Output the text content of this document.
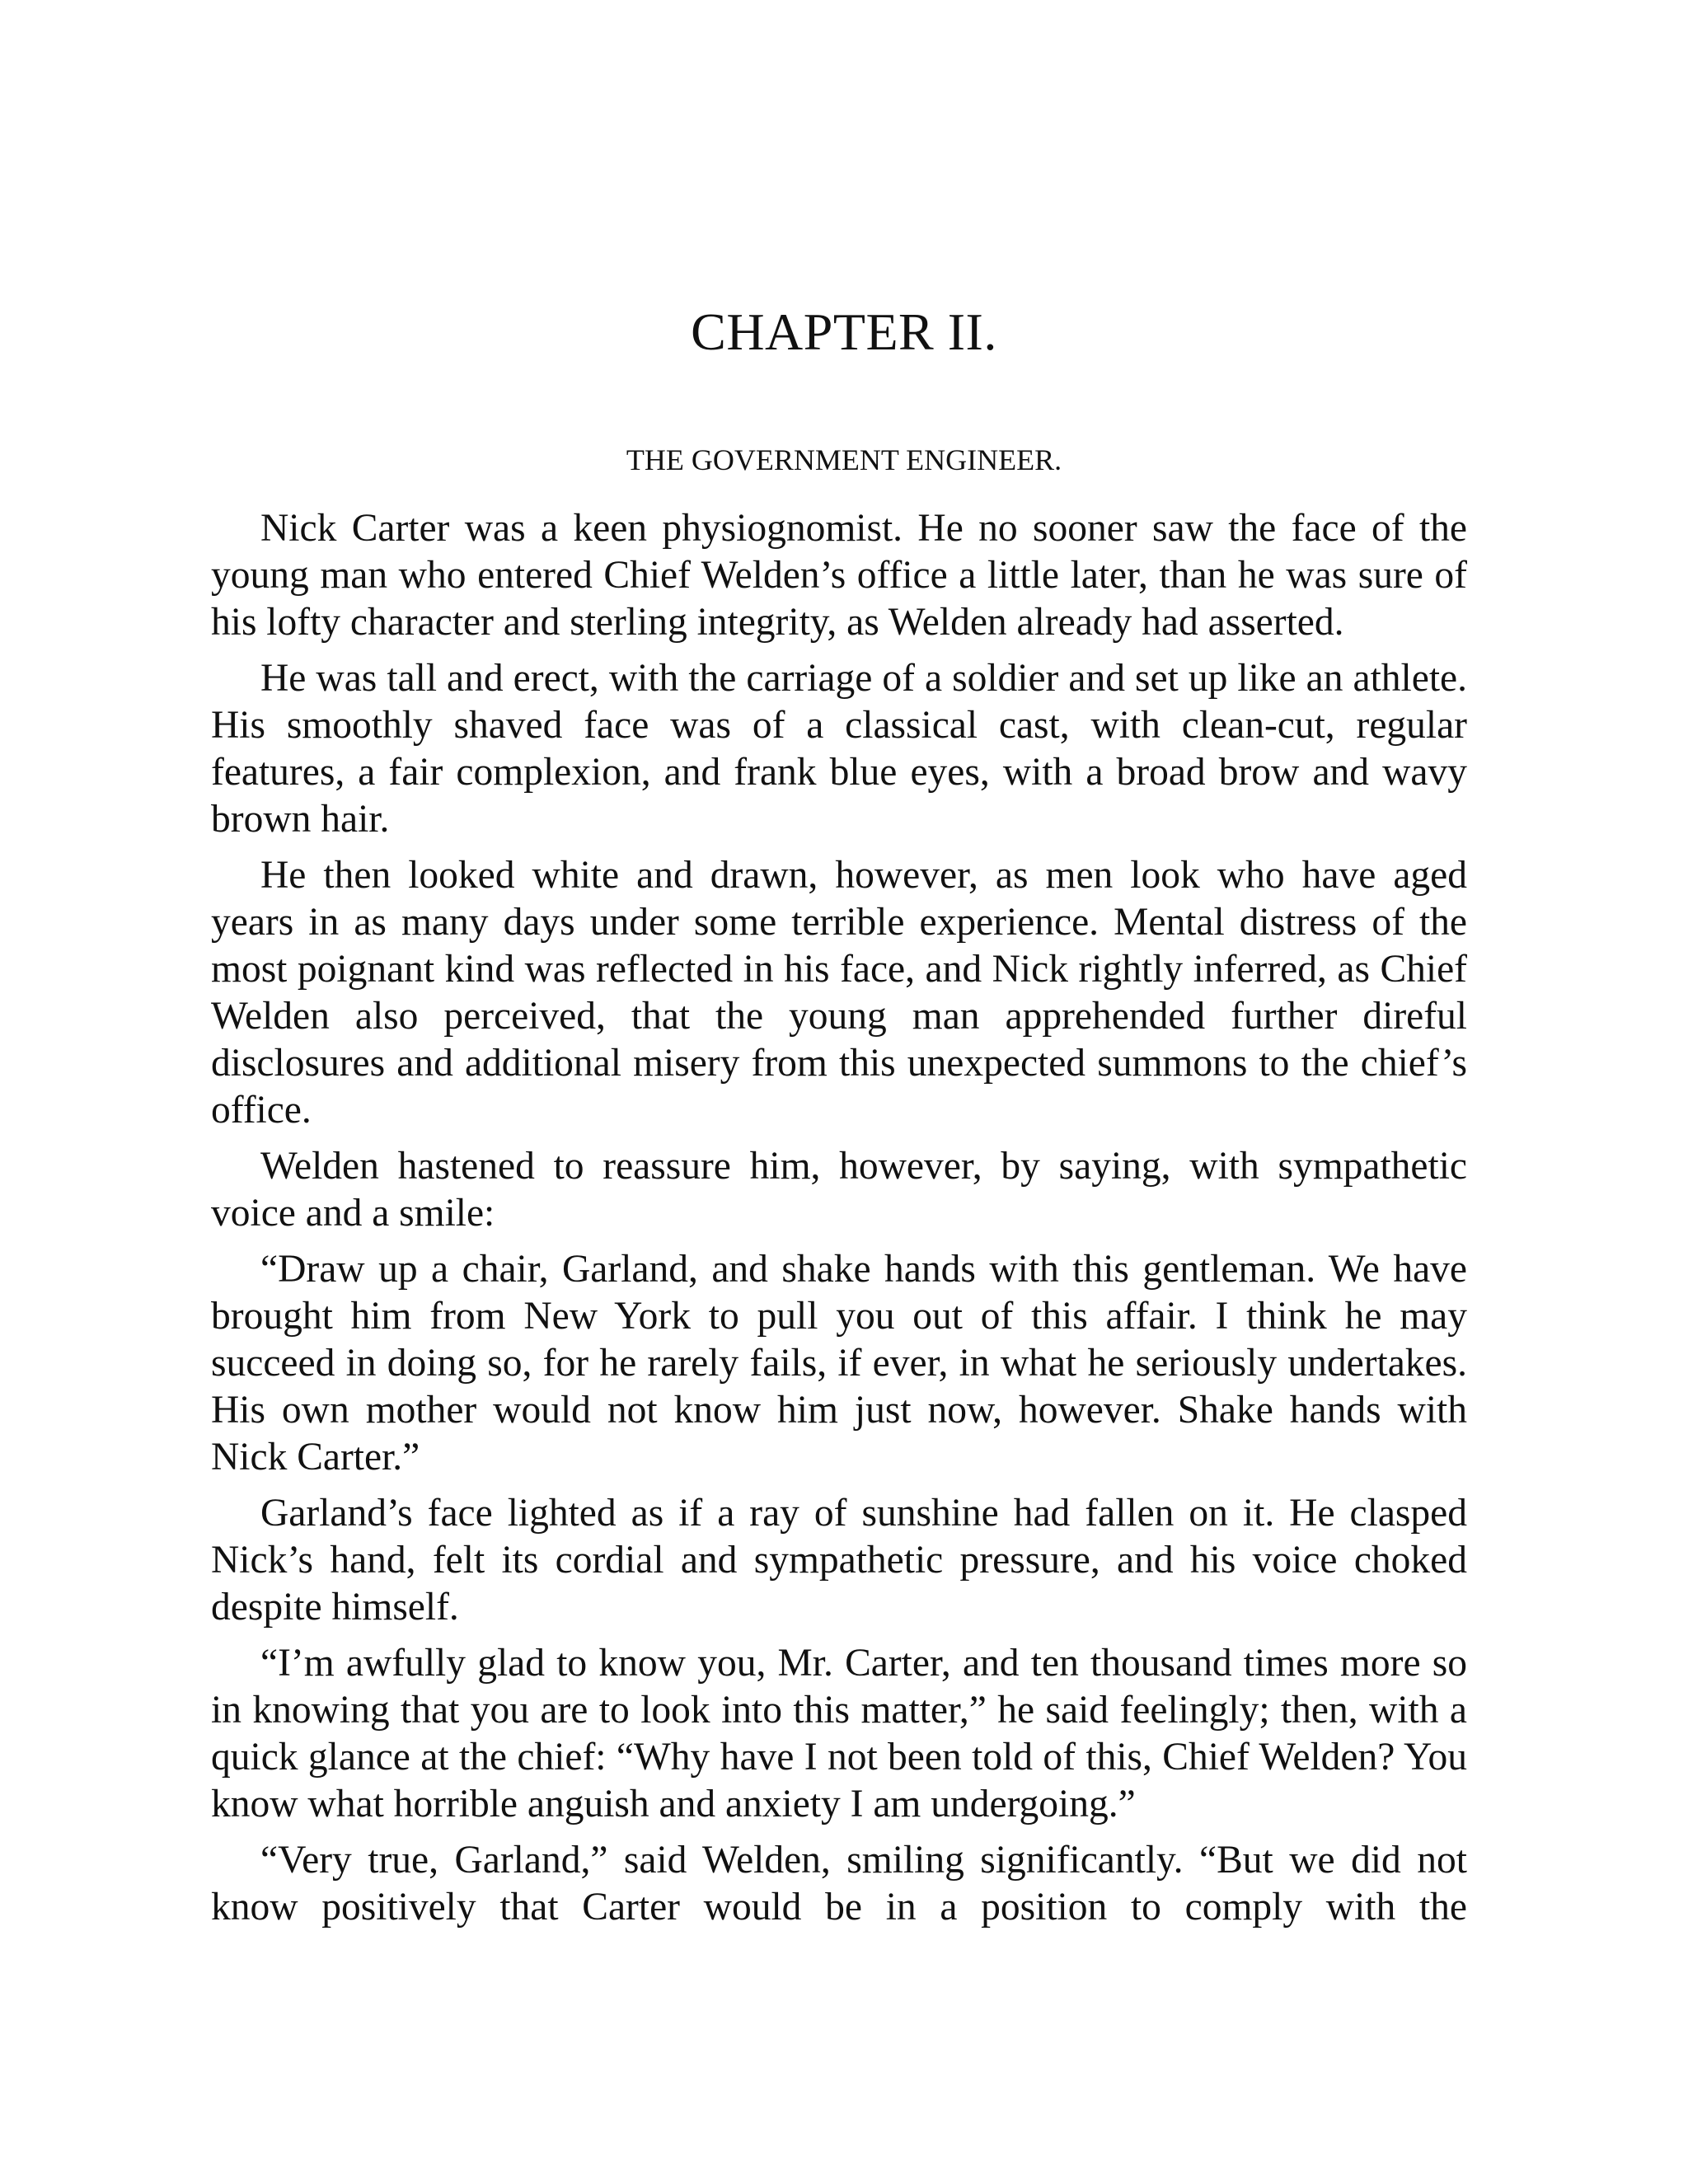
CHAPTER II.
THE GOVERNMENT ENGINEER.

Nick Carter was a keen physiognomist. He no sooner saw the face of the young man who entered Chief Welden’s office a little later, than he was sure of his lofty character and sterling integrity, as Welden already had asserted.

He was tall and erect, with the carriage of a soldier and set up like an athlete. His smoothly shaved face was of a classical cast, with clean-cut, regular features, a fair complexion, and frank blue eyes, with a broad brow and wavy brown hair.

He then looked white and drawn, however, as men look who have aged years in as many days under some terrible experience. Mental distress of the most poignant kind was reflected in his face, and Nick rightly inferred, as Chief Welden also perceived, that the young man apprehended further direful disclosures and additional misery from this unexpected summons to the chief’s office.

Welden hastened to reassure him, however, by saying, with sympathetic voice and a smile:

“Draw up a chair, Garland, and shake hands with this gentleman. We have brought him from New York to pull you out of this affair. I think he may succeed in doing so, for he rarely fails, if ever, in what he seriously undertakes. His own mother would not know him just now, however. Shake hands with Nick Carter.”

Garland’s face lighted as if a ray of sunshine had fallen on it. He clasped Nick’s hand, felt its cordial and sympathetic pressure, and his voice choked despite himself.

“I’m awfully glad to know you, Mr. Carter, and ten thousand times more so in knowing that you are to look into this matter,” he said feelingly; then, with a quick glance at the chief: “Why have I not been told of this, Chief Welden? You know what horrible anguish and anxiety I am undergoing.”

“Very true, Garland,” said Welden, smiling significantly. “But we did not know positively that Carter would be in a position to comply with the
